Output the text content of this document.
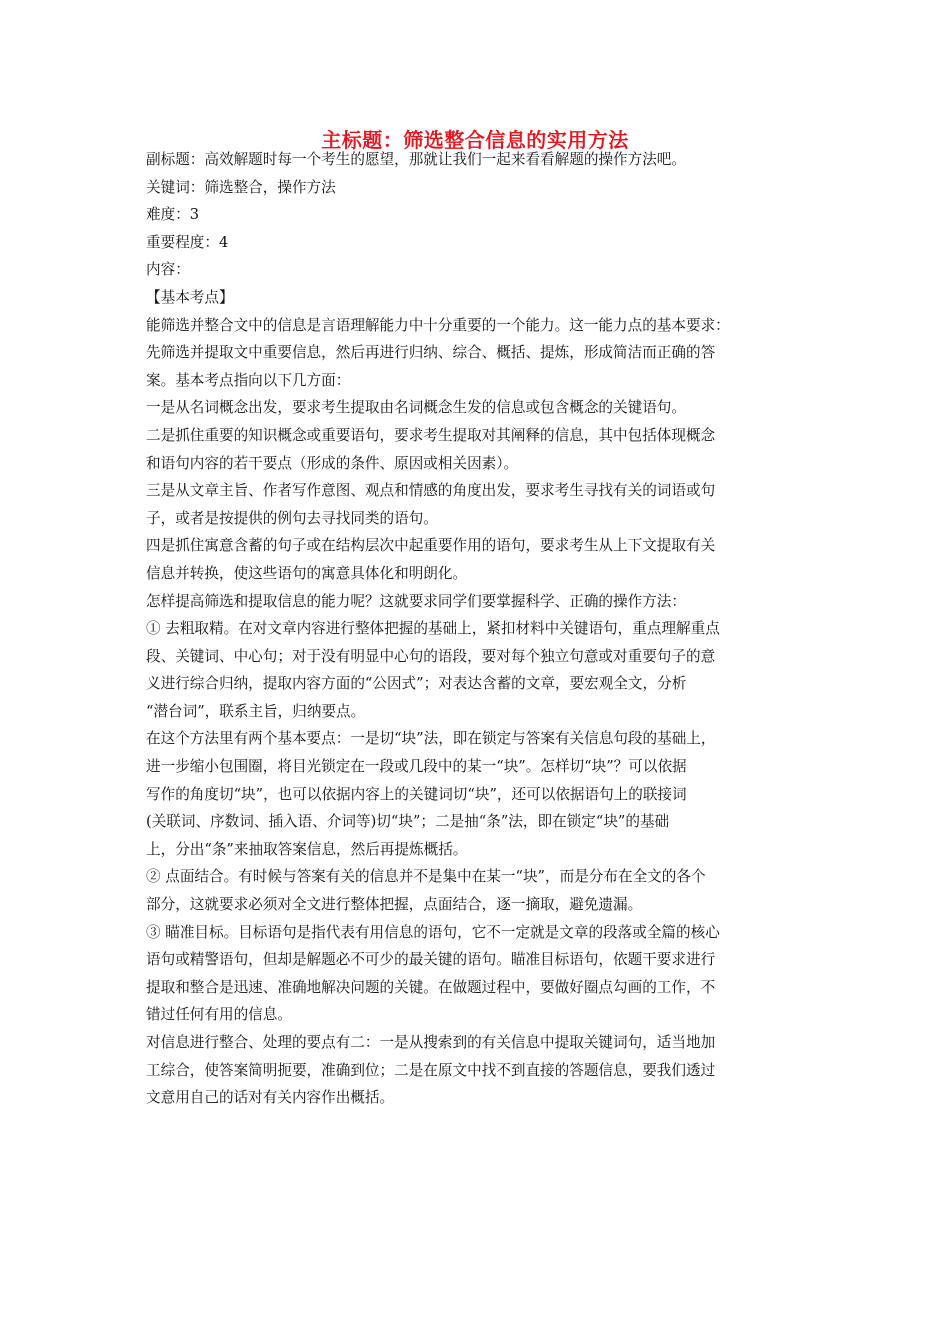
主标题：筛选整合信息的实用方法
副标题：高效解题时每一个考生的愿望，那就让我们一起来看看解题的操作方法吧。
关键词：筛选整合，操作方法
难度：3
重要程度：4
内容：
【基本考点】
能筛选并整合文中的信息是言语理解能力中十分重要的一个能力。这一能力点的基本要求：
先筛选并提取文中重要信息，然后再进行归纳、综合、概括、提炼，形成简洁而正确的答
案。基本考点指向以下几方面：
一是从名词概念出发，要求考生提取由名词概念生发的信息或包含概念的关键语句。
二是抓住重要的知识概念或重要语句，要求考生提取对其阐释的信息，其中包括体现概念
和语句内容的若干要点（形成的条件、原因或相关因素）。
三是从文章主旨、作者写作意图、观点和情感的角度出发，要求考生寻找有关的词语或句
子，或者是按提供的例句去寻找同类的语句。
四是抓住寓意含蓄的句子或在结构层次中起重要作用的语句，要求考生从上下文提取有关
信息并转换，使这些语句的寓意具体化和明朗化。
怎样提高筛选和提取信息的能力呢？这就要求同学们要掌握科学、正确的操作方法：
① 去粗取精。在对文章内容进行整体把握的基础上，紧扣材料中关键语句，重点理解重点
段、关键词、中心句；对于没有明显中心句的语段，要对每个独立句意或对重要句子的意
义进行综合归纳，提取内容方面的“公因式”；对表达含蓄的文章，要宏观全文，分析
“潜台词”，联系主旨，归纳要点。
在这个方法里有两个基本要点：一是切“块”法，即在锁定与答案有关信息句段的基础上，
进一步缩小包围圈，将目光锁定在一段或几段中的某一“块”。怎样切“块”？可以依据
写作的角度切“块”，也可以依据内容上的关键词切“块”，还可以依据语句上的联接词
(关联词、序数词、插入语、介词等)切“块”；二是抽“条”法，即在锁定“块”的基础
上，分出“条”来抽取答案信息，然后再提炼概括。
② 点面结合。有时候与答案有关的信息并不是集中在某一“块”，而是分布在全文的各个
部分，这就要求必须对全文进行整体把握，点面结合，逐一摘取，避免遗漏。
③ 瞄准目标。目标语句是指代表有用信息的语句，它不一定就是文章的段落或全篇的核心
语句或精警语句，但却是解题必不可少的最关键的语句。瞄准目标语句，依题干要求进行
提取和整合是迅速、准确地解决问题的关键。在做题过程中，要做好圈点勾画的工作，不
错过任何有用的信息。
对信息进行整合、处理的要点有二：一是从搜索到的有关信息中提取关键词句，适当地加
工综合，使答案简明扼要，准确到位；二是在原文中找不到直接的答题信息，要我们透过
文意用自己的话对有关内容作出概括。
